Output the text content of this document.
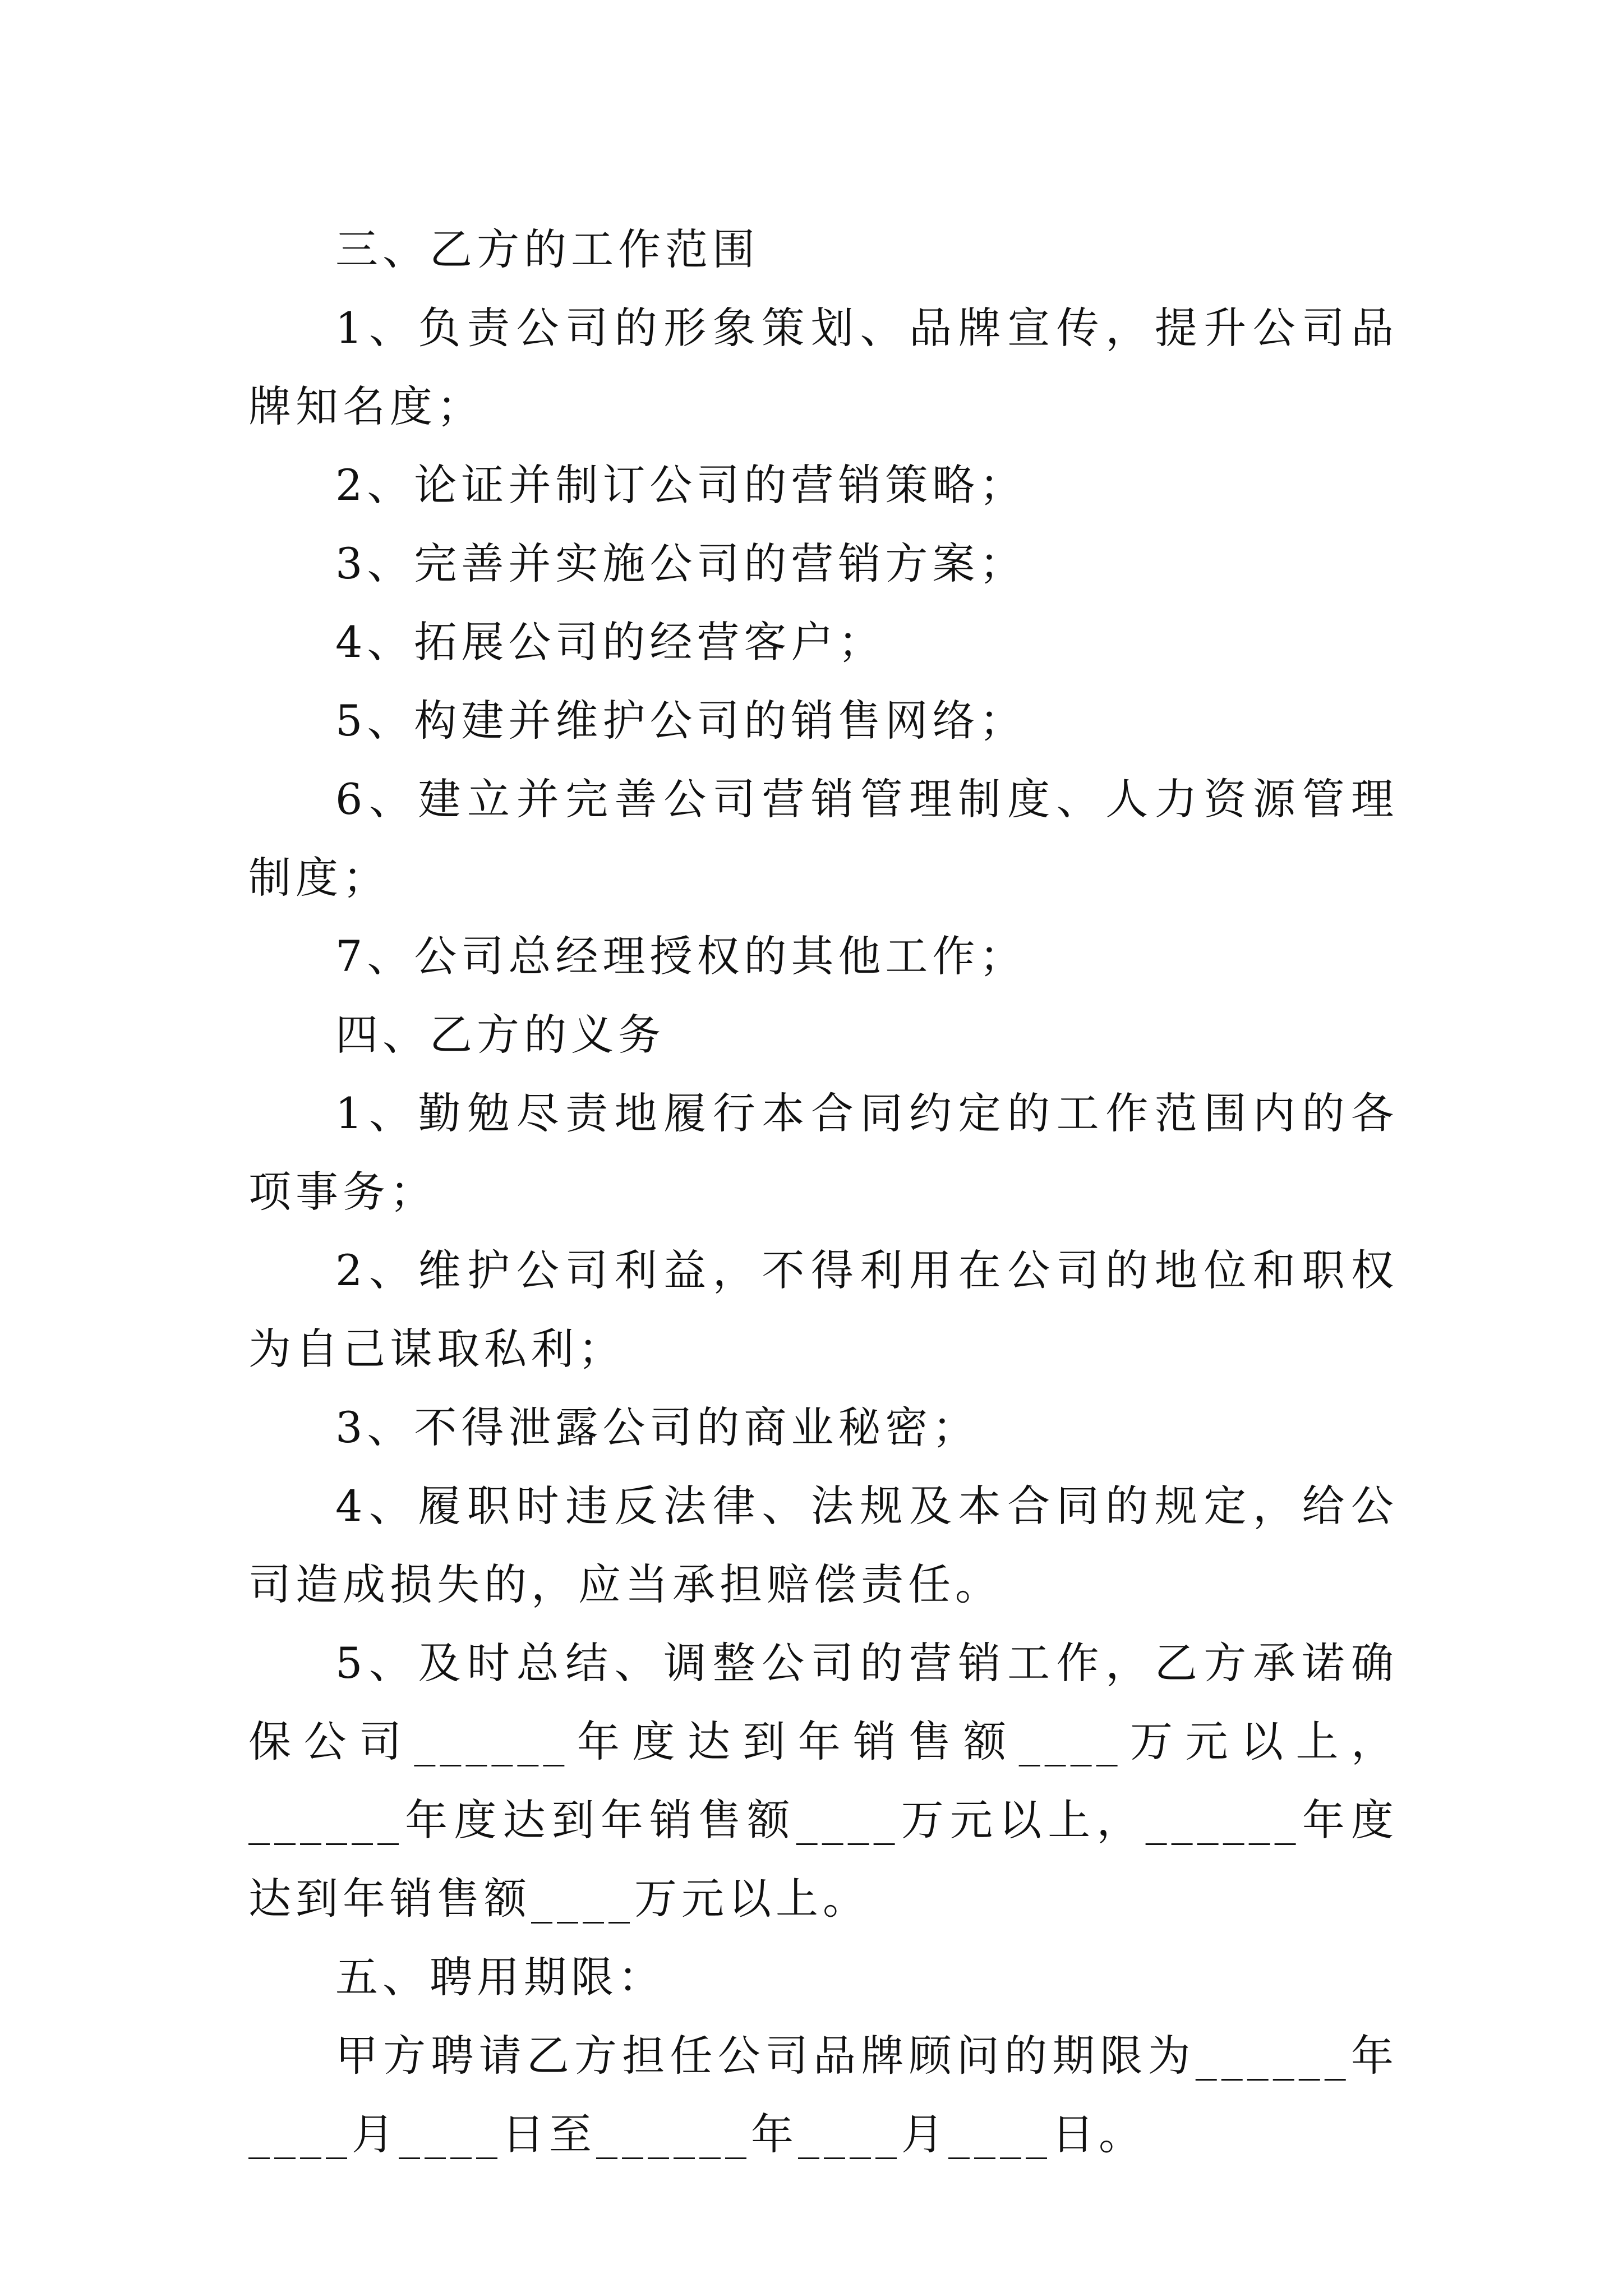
三、乙方的工作范围

1、负责公司的形象策划、品牌宣传，提升公司品牌知名度；

2、论证并制订公司的营销策略；

3、完善并实施公司的营销方案；

4、拓展公司的经营客户；

5、构建并维护公司的销售网络；

6、建立并完善公司营销管理制度、人力资源管理制度；

7、公司总经理授权的其他工作；

四、乙方的义务

1、勤勉尽责地履行本合同约定的工作范围内的各项事务；

2、维护公司利益，不得利用在公司的地位和职权为自己谋取私利；

3、不得泄露公司的商业秘密；

4、履职时违反法律、法规及本合同的规定，给公司造成损失的，应当承担赔偿责任。

5、及时总结、调整公司的营销工作，乙方承诺确保公司______年度达到年销售额____万元以上，______年度达到年销售额____万元以上，______年度达到年销售额____万元以上。

五、聘用期限：

甲方聘请乙方担任公司品牌顾问的期限为______年____月____日至______年____月____日。
